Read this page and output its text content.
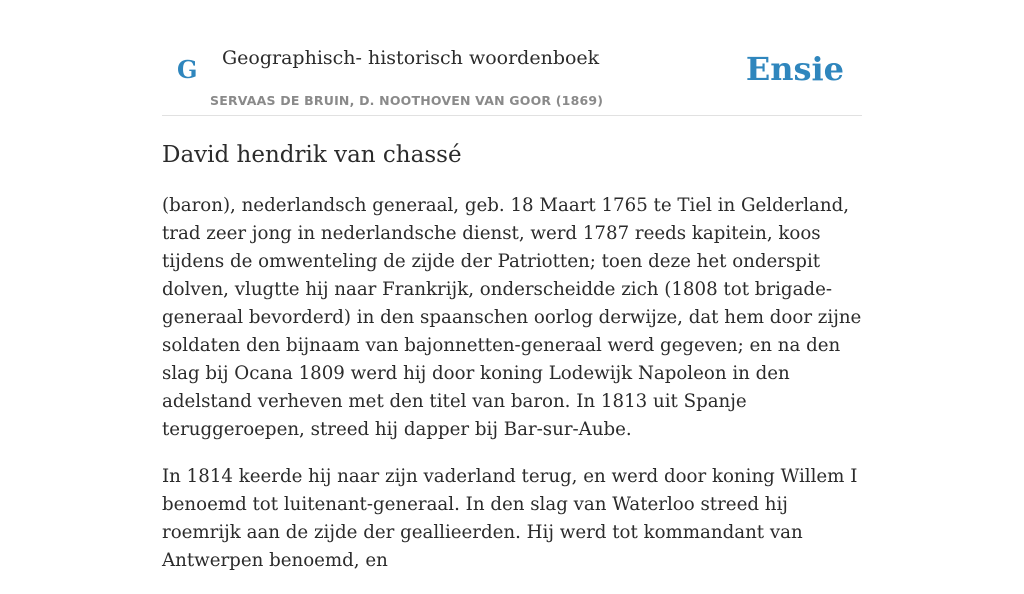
G Geographisch- historisch woordenboek
SERVAAS DE BRUIN, D. NOOTHOVEN VAN GOOR (1869)
Ensie
David hendrik van chassé

(baron), nederlandsch generaal, geb. 18 Maart 1765 te Tiel in Gelderland, trad zeer jong in nederlandsche dienst, werd 1787 reeds kapitein, koos tijdens de omwenteling de zijde der Patriotten; toen deze het onderspit dolven, vlugtte hij naar Frankrijk, onderscheidde zich (1808 tot brigade-generaal bevorderd) in den spaanschen oorlog derwijze, dat hem door zijne soldaten den bijnaam van bajonnetten-generaal werd gegeven; en na den slag bij Ocana 1809 werd hij door koning Lodewijk Napoleon in den adelstand verheven met den titel van baron. In 1813 uit Spanje teruggeroepen, streed hij dapper bij Bar-sur-Aube.

In 1814 keerde hij naar zijn vaderland terug, en werd door koning Willem I benoemd tot luitenant-generaal. In den slag van Waterloo streed hij roemrijk aan de zijde der geallieerden. Hij werd tot kommandant van Antwerpen benoemd, en
